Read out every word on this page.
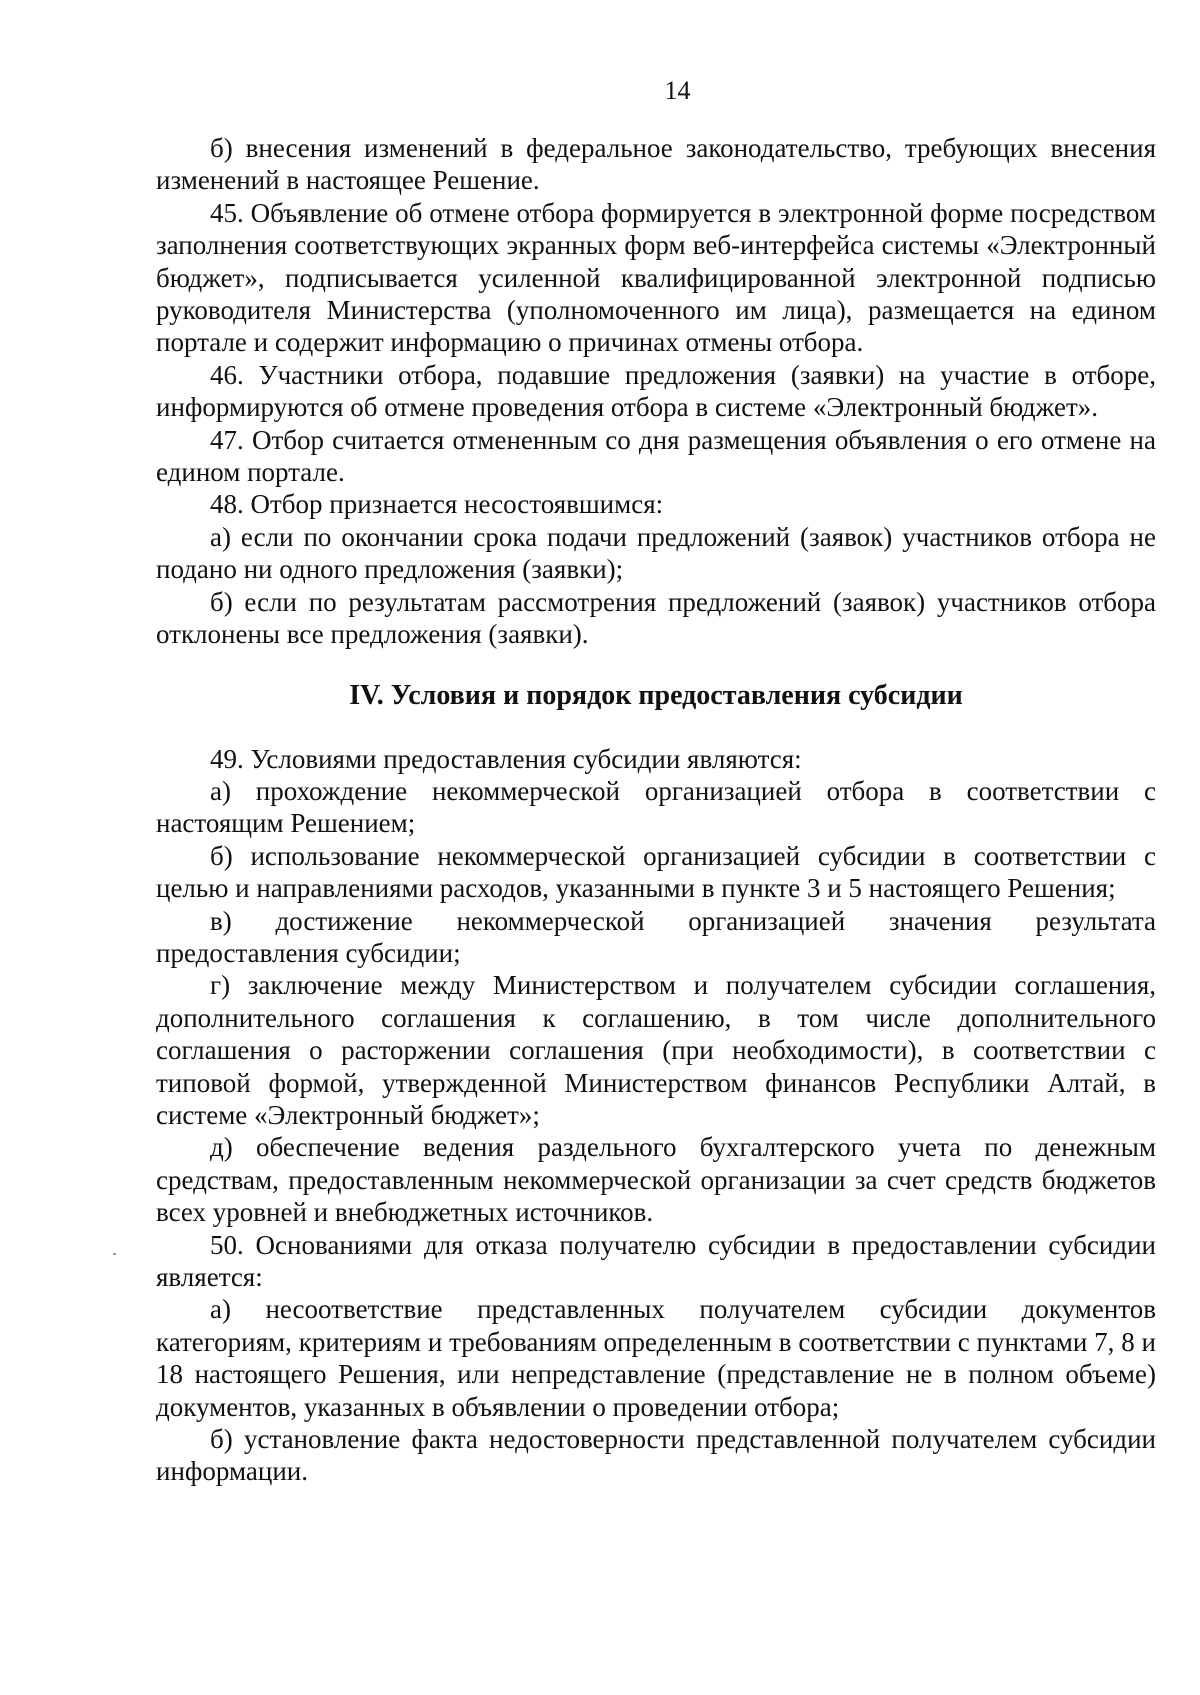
14

б) внесения изменений в федеральное законодательство, требующих внесения изменений в настоящее Решение.

45. Объявление об отмене отбора формируется в электронной форме посредством заполнения соответствующих экранных форм веб-интерфейса системы «Электронный бюджет», подписывается усиленной квалифицированной электронной подписью руководителя Министерства (уполномоченного им лица), размещается на едином портале и содержит информацию о причинах отмены отбора.

46. Участники отбора, подавшие предложения (заявки) на участие в отборе, информируются об отмене проведения отбора в системе «Электронный бюджет».

47. Отбор считается отмененным со дня размещения объявления о его отмене на едином портале.

48. Отбор признается несостоявшимся:

а) если по окончании срока подачи предложений (заявок) участников отбора не подано ни одного предложения (заявки);

б) если по результатам рассмотрения предложений (заявок) участников отбора отклонены все предложения (заявки).

IV. Условия и порядок предоставления субсидии

49. Условиями предоставления субсидии являются:

а) прохождение некоммерческой организацией отбора в соответствии с настоящим Решением;

б) использование некоммерческой организацией субсидии в соответствии с целью и направлениями расходов, указанными в пункте 3 и 5 настоящего Решения;

в) достижение некоммерческой организацией значения результата предоставления субсидии;

г) заключение между Министерством и получателем субсидии соглашения, дополнительного соглашения к соглашению, в том числе дополнительного соглашения о расторжении соглашения (при необходимости), в соответствии с типовой формой, утвержденной Министерством финансов Республики Алтай, в системе «Электронный бюджет»;

д) обеспечение ведения раздельного бухгалтерского учета по денежным средствам, предоставленным некоммерческой организации за счет средств бюджетов всех уровней и внебюджетных источников.

50. Основаниями для отказа получателю субсидии в предоставлении субсидии является:

а) несоответствие представленных получателем субсидии документов категориям, критериям и требованиям определенным в соответствии с пунктами 7, 8 и 18 настоящего Решения, или непредставление (представление не в полном объеме) документов, указанных в объявлении о проведении отбора;

б) установление факта недостоверности представленной получателем субсидии информации.
